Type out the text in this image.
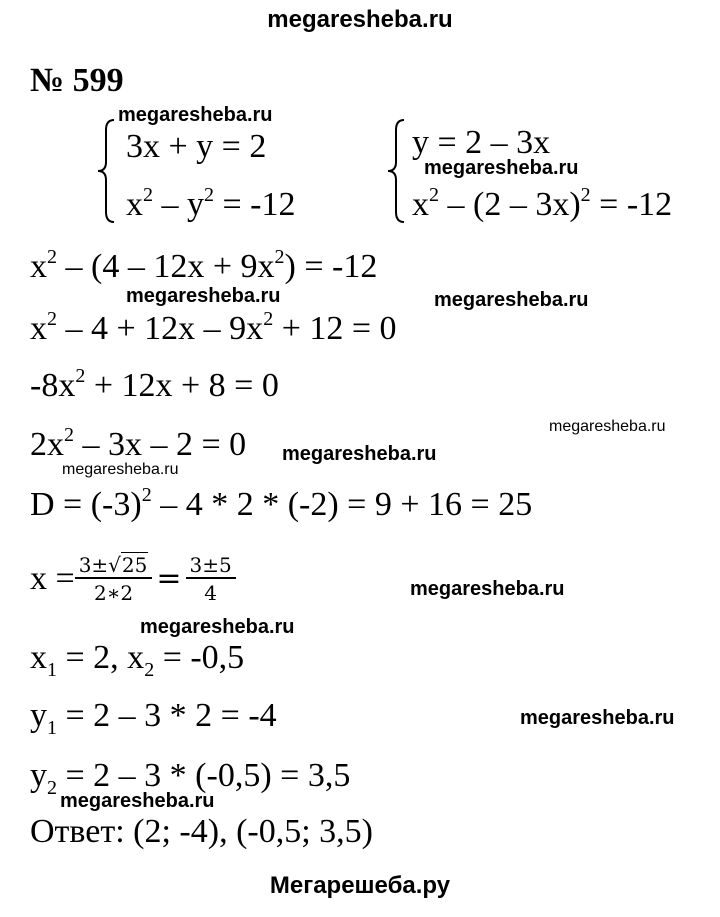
megaresheba.ru
megaresheba.ru
megaresheba.ru
megaresheba.ru	megaresheba.ru
megaresheba.ru
megaresheba.ru
megaresheba.ru
megaresheba.ru
megaresheba.ru
megaresheba.ru
megaresheba.ru
Мегарешеба.ру
№ 599
3x + y = 2
$x^2 - y^2 = -12$
y = 2 – 3x
$x^2 - (2 - 3x)^2 = -12$
$x^2 - (4 - 12x + 9x^2) = -12$
$x^2 - 4 + 12x - 9x^2 + 12 = 0$
$-8x^2 + 12x + 8 = 0$
$2x^2 - 3x - 2 = 0$
$D = (-3)^2 - 4 * 2 * (-2) = 9 + 16 = 25$
$x = \frac{3\pm√25}{2∗2} = \frac{3\pm 5}{4}$
$x_1 = 2$, $x_2 = -0,5$
$y_1 = 2 - 3 * 2 = -4$
$y_2 = 2 - 3 * (-0,5) = 3,5$
Ответ: (2; -4), (-0,5; 3,5)
